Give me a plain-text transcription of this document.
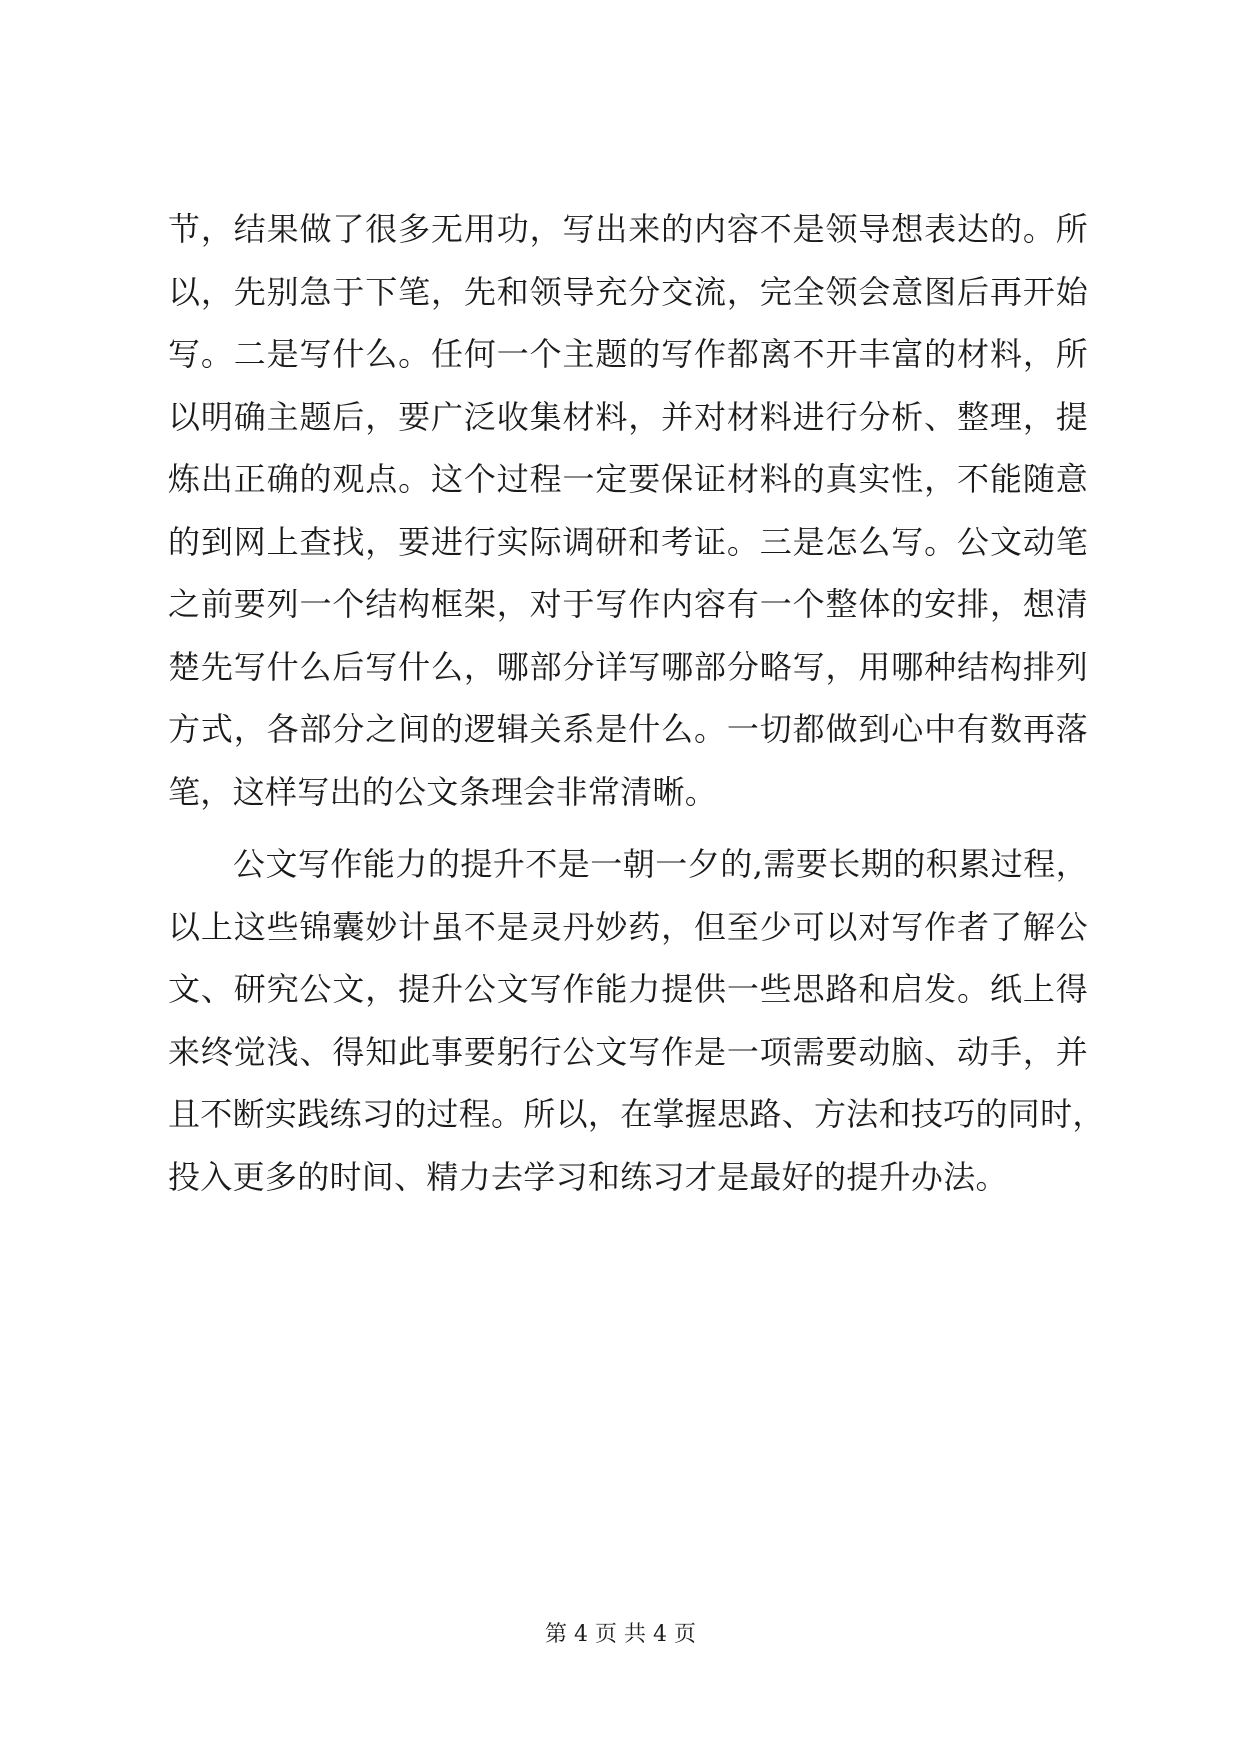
节，结果做了很多无用功，写出来的内容不是领导想表达的。所
以，先别急于下笔，先和领导充分交流，完全领会意图后再开始
写。二是写什么。任何一个主题的写作都离不开丰富的材料，所
以明确主题后，要广泛收集材料，并对材料进行分析、整理，提
炼出正确的观点。这个过程一定要保证材料的真实性，不能随意
的到网上查找，要进行实际调研和考证。三是怎么写。公文动笔
之前要列一个结构框架，对于写作内容有一个整体的安排，想清
楚先写什么后写什么，哪部分详写哪部分略写，用哪种结构排列
方式，各部分之间的逻辑关系是什么。一切都做到心中有数再落
笔，这样写出的公文条理会非常清晰。
　　公文写作能力的提升不是一朝一夕的,需要长期的积累过程，
以上这些锦囊妙计虽不是灵丹妙药，但至少可以对写作者了解公
文、研究公文，提升公文写作能力提供一些思路和启发。纸上得
来终觉浅、得知此事要躬行公文写作是一项需要动脑、动手，并
且不断实践练习的过程。所以，在掌握思路、方法和技巧的同时，
投入更多的时间、精力去学习和练习才是最好的提升办法。
第 4 页 共 4 页
